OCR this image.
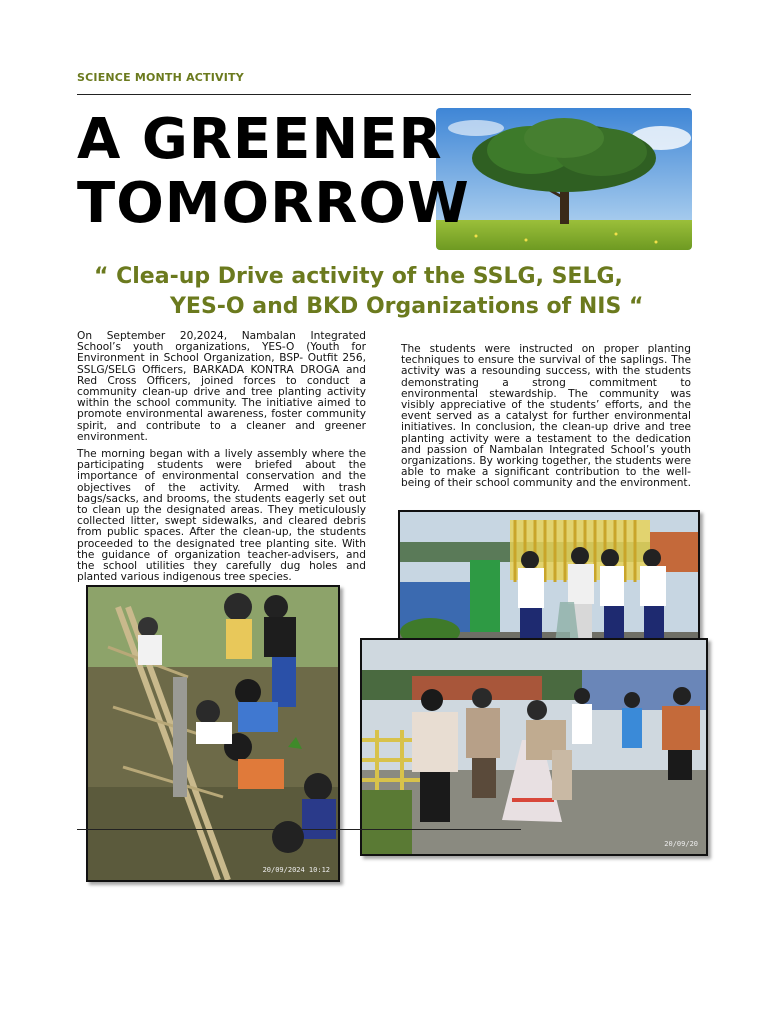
SCIENCE MONTH ACTIVITY
A GREENER
TOMORROW
“ Clea-up Drive activity of the SSLG, SELG,
YES-O and BKD Organizations of NIS “

On September 20,2024, Nambalan Integrated School’s youth organizations, YES-O (Youth for Environment in School Organization, BSP- Outfit 256, SSLG/SELG Officers, BARKADA KONTRA DROGA and Red Cross Officers, joined forces to conduct a community clean-up drive and tree planting activity within the school community. The initiative aimed to promote environmental awareness, foster community spirit, and contribute to a cleaner and greener environment.

The morning began with a lively assembly where the participating students were briefed about the importance of environmental conservation and the objectives of the activity. Armed with trash bags/sacks, and brooms, the students eagerly set out to clean up the designated areas. They meticulously collected litter, swept sidewalks, and cleared debris from public spaces. After the clean-up, the students proceeded to the designated tree planting site. With the guidance of organization teacher-advisers, and the school utilities they carefully dug holes and planted various indigenous tree species.

The students were instructed on proper planting techniques to ensure the survival of the saplings. The activity was a resounding success, with the students demonstrating a strong commitment to environmental stewardship. The community was visibly appreciative of the students’ efforts, and the event served as a catalyst for further environmental initiatives. In conclusion, the clean-up drive and tree planting activity were a testament to the dedication and passion of Nambalan Integrated School’s youth organizations. By working together, the students were able to make a significant contribution to the well-being of their school community and the environment.

20/09/2024 10:12
20/09/20
